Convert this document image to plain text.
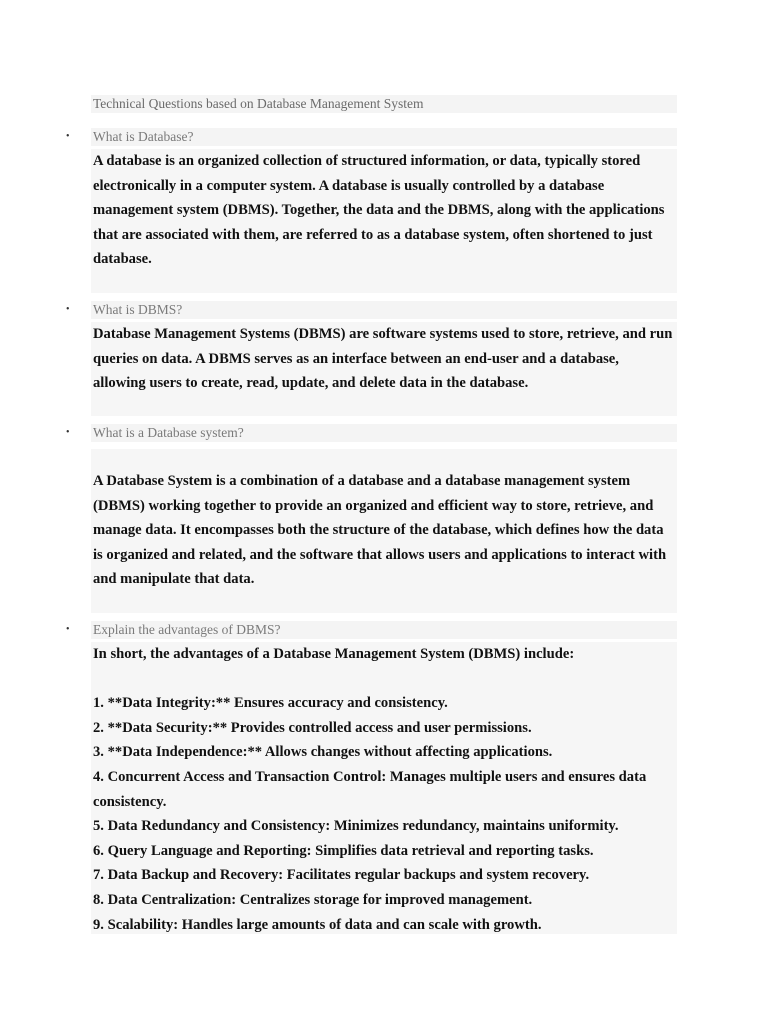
Technical Questions based on Database Management System
•	What is Database?

A database is an organized collection of structured information, or data, typically stored electronically in a computer system. A database is usually controlled by a database management system (DBMS). Together, the data and the DBMS, along with the applications that are associated with them, are referred to as a database system, often shortened to just database.

•	What is DBMS?

Database Management Systems (DBMS) are software systems used to store, retrieve, and run queries on data. A DBMS serves as an interface between an end-user and a database, allowing users to create, read, update, and delete data in the database.

•	What is a Database system?

A Database System is a combination of a database and a database management system (DBMS) working together to provide an organized and efficient way to store, retrieve, and manage data. It encompasses both the structure of the database, which defines how the data is organized and related, and the software that allows users and applications to interact with and manipulate that data.

•	Explain the advantages of DBMS?

In short, the advantages of a Database Management System (DBMS) include:

1. **Data Integrity:** Ensures accuracy and consistency.

2. **Data Security:** Provides controlled access and user permissions.

3. **Data Independence:** Allows changes without affecting applications.

4. Concurrent Access and Transaction Control: Manages multiple users and ensures data consistency.

5. Data Redundancy and Consistency: Minimizes redundancy, maintains uniformity.

6. Query Language and Reporting: Simplifies data retrieval and reporting tasks.

7. Data Backup and Recovery: Facilitates regular backups and system recovery.

8. Data Centralization: Centralizes storage for improved management.

9. Scalability: Handles large amounts of data and can scale with growth.
